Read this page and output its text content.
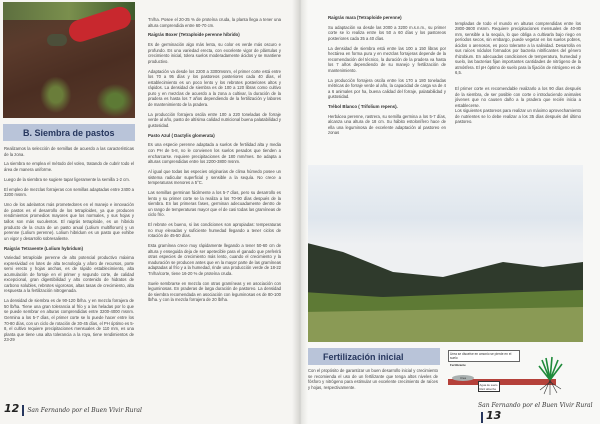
B. Siembra de pastos

Realizamos la selección de semillas de acuerdo a las características de la zona.

La siembra se emplea el método del voleo, tratando de cubrir todo el área de manera uniforme.

Luego de la siembra se sugiere tapar ligeramente la semilla 1-2 cm.

El empleo de mezclas forrajeras con semillas adaptadas entre 2400 a 3200 msnm.

Uno de los adelantos más prometedores en el manejo e innovación de pastos es el desarrollo de los tetraploides, ya que producen rendimientos promedios mayores que los normales, y sus hojas y tallos son más suculentos. El raigrás tetraploide, es un híbrido producto de la cruza de un pasto anual (Lolium multiflorum) y un perenne (Lolium perenne). Lolium hibridum es un pasto que exhibe un vigor y desarrollo sobresaliente.

Raigrás Tetravente (Lolium hybridum)

Variedad tetraploide perenne de alto potencial productivo máxima expresividad en lotes de alta tecnología y aforo de recursos, porte semi erecto y hojas anchas, es de rápido establecimiento, alta acumulación de forraje en el primer y segundo corte, de calidad excepcional, gran digestibilidad y alto contenido de hidratos de carbono solubles, rebrotes vigorosos, altas tasas de crecimiento, alta respuesta a la fertilización nitrogenada.

La densidad de siembra es de 90-120 lb/ha. y en mezcla forrajera de 50 lb/ha. Tiene una gran tolerancia al frío y a las heladas por lo que se puede sembrar en alturas comprendidas entre 3200-4000 msnm. Germina a los 5-7 días, el primer corte se lo puede hacer entre los 70-80 días, con un ciclo de rotación de 30-45 días, el PH óptimo es 5-8, el cultivo requiere precipitaciones mensuales de 110 mm, es una planta que tiene una alta tolerancia a la roya, tiene rendimientos de 23-29

Tn/ha. Posee el 20-25 % de proteína cruda, la planta llega a tener una altura comprendida entre 60-70 cm.

Raigrás Boxer (Tetraploide perenne híbrido)

Es de germinación algo más lenta, su color es verde más oscuro e profundo. Es una variedad erecta, con excelente vigor de plántulas y crecimiento inicial, tolera suelos moderadamente ácidos y se mantiene productivo.

Adaptación va desde los 2200 a 3300msnm, el primer corte está entre los 70 a 95 días y los pastoreos posteriores cada 40 días, el establecimiento es un poco lento y los rebrotes posteriores altos y rápidos. La densidad de siembra es de 100 a 120 libras como cultivo puro y en mezclas de acuerdo a la zona a cultivar, la duración de la pradera es hasta los 7 años dependiendo de la fertilización y labores de mantenimiento de la pradera.

La producción forrajera oscila entre 100 a 220 toneladas de forraje verde al año, pasto de altísima calidad nutricional buena palatabilidad y gustosidad.

Pasto Azul ( Dactylis glomerata)

Es una especie perenne adaptada a suelos de fertilidad alta y media con PH de 5-8, no le convienen los suelos pesados que tienden a encharcarse. requiere precipitaciones de 180 mm/mes. Se adapta a alturas comprendidas entre los 2200-3800 msnm.

Al igual que todas las especies originarias de clima húmedo posee un sistema radicular superficial y sensible a la sequía. No crece a temperaturas menores a 5°C.

Las semillas germinan fácilmente a los 5-7 días, pero su desarrollo es lento y su primer corte se la realiza a los 70-90 días después de la siembra. En las primeras fases, germinan adecuadamente dentro de un rango de temperaturas mayor que el de casi todas las gramíneas de ciclo frío.

El rebrote es bueno, si las condiciones son apropiadas: temperaturas no muy elevadas y suficiente humedad llegando a tener ciclos de rotación de 45-50 días.

Esta gramínea crece muy rápidamente llegando a tener 50-60 cm de altura y enseguida deja de ser apetecible para el ganado que preferirá otras especies de crecimiento más lento, cuando el crecimiento y la maduración se producen antes que en la mayor parte de las gramíneas adaptadas al frío y a la humedad, rinde una producción verde de 18-22 Tn/ha/corte, tiene 16-20 % de proteína cruda.

Suele sembrarse en mezcla con otras gramíneas y en asociación con leguminosas. En praderas de larga duración de pastoreo. La densidad de siembra recomendada en asociación con leguminosas es de 80-100 lb/ha. y con la mezcla forrajera de 20 lb/ha.

12 San Fernando por el Buen Vivir Rural
Raigrás mara (Tetraploide perenne)

Su adaptación va desde las 2000 a 3200 m.s.n.m., su primer corte se lo realiza entre los 50 a 60 días y los pastoreos posteriores cada 35 a 40 días.

La densidad de siembra está entre las 100 a 150 libras por hectárea en forma pura y en mezclas forrajeras depende de la recomendación del técnico, la duración de la pradera va hasta los 7 años dependiendo de su manejo y fertilización de mantenimiento.

La producción forrajera oscila entre los 170 a 180 toneladas métricas de forraje verde al año, la capacidad de carga va de 4 a 6 animales por ha, buena calidad del forraje, palatabilidad y gustosidad.

Trébol Blanco ( Trifolium repens).

Herbácea perenne, rastrera, su semilla germina a los 5-7 días, alcanza una altura de 18 cm. Su hábito estolonífero hace de ella una leguminosa de excelente adaptación al pastoreo en zonas

templadas de todo el mundo en alturas comprendidas entre los 2800-3600 msnm. Requiere precipitaciones mensuales de 40-80 mm, sensible a la sequía, lo que obliga a cultivarla bajo riego en períodos secos, sin embargo, puede vegetar en los suelos pobres, ácidos o arenosos, es poco tolerante a la salinidad. Desarrolla en sus raíces nódulos formados por bacteria nitrificantes del género rhizobium. En adecuadas condiciones de temperatura, humedad y suelo, las bacterias fijan importantes cantidades de nitrógeno de la atmósfera. El pH óptimo de suelo para la fijación de nitrógeno es de 6,5.

El primer corte es recomendable realizarlo a los 90 días después de la siembra, de ser posible con corte o introduciendo animales jóvenes que no causen daño a la pradera que recién inicia a establecerse.
Los siguientes pastoreos para realizar un máximo aprovechamiento de nutrientes se lo debe realizar a los 35 días después del último pastoreo.

Fertilización inicial
Con el propósito de garantizar un buen desarrollo inicial y crecimiento se recomienda el uso de un fertilizante que tenga altos niveles de fósforo y nitrógeno para estimular un excelente crecimiento de raíces y hojas, respectivamente.
Urea se disuelve en amonio se pierde en el suelo
Fertilizante
Urea
Agua de suelo
Raíz absorbe
San Fernando por el Buen Vivir Rural13
